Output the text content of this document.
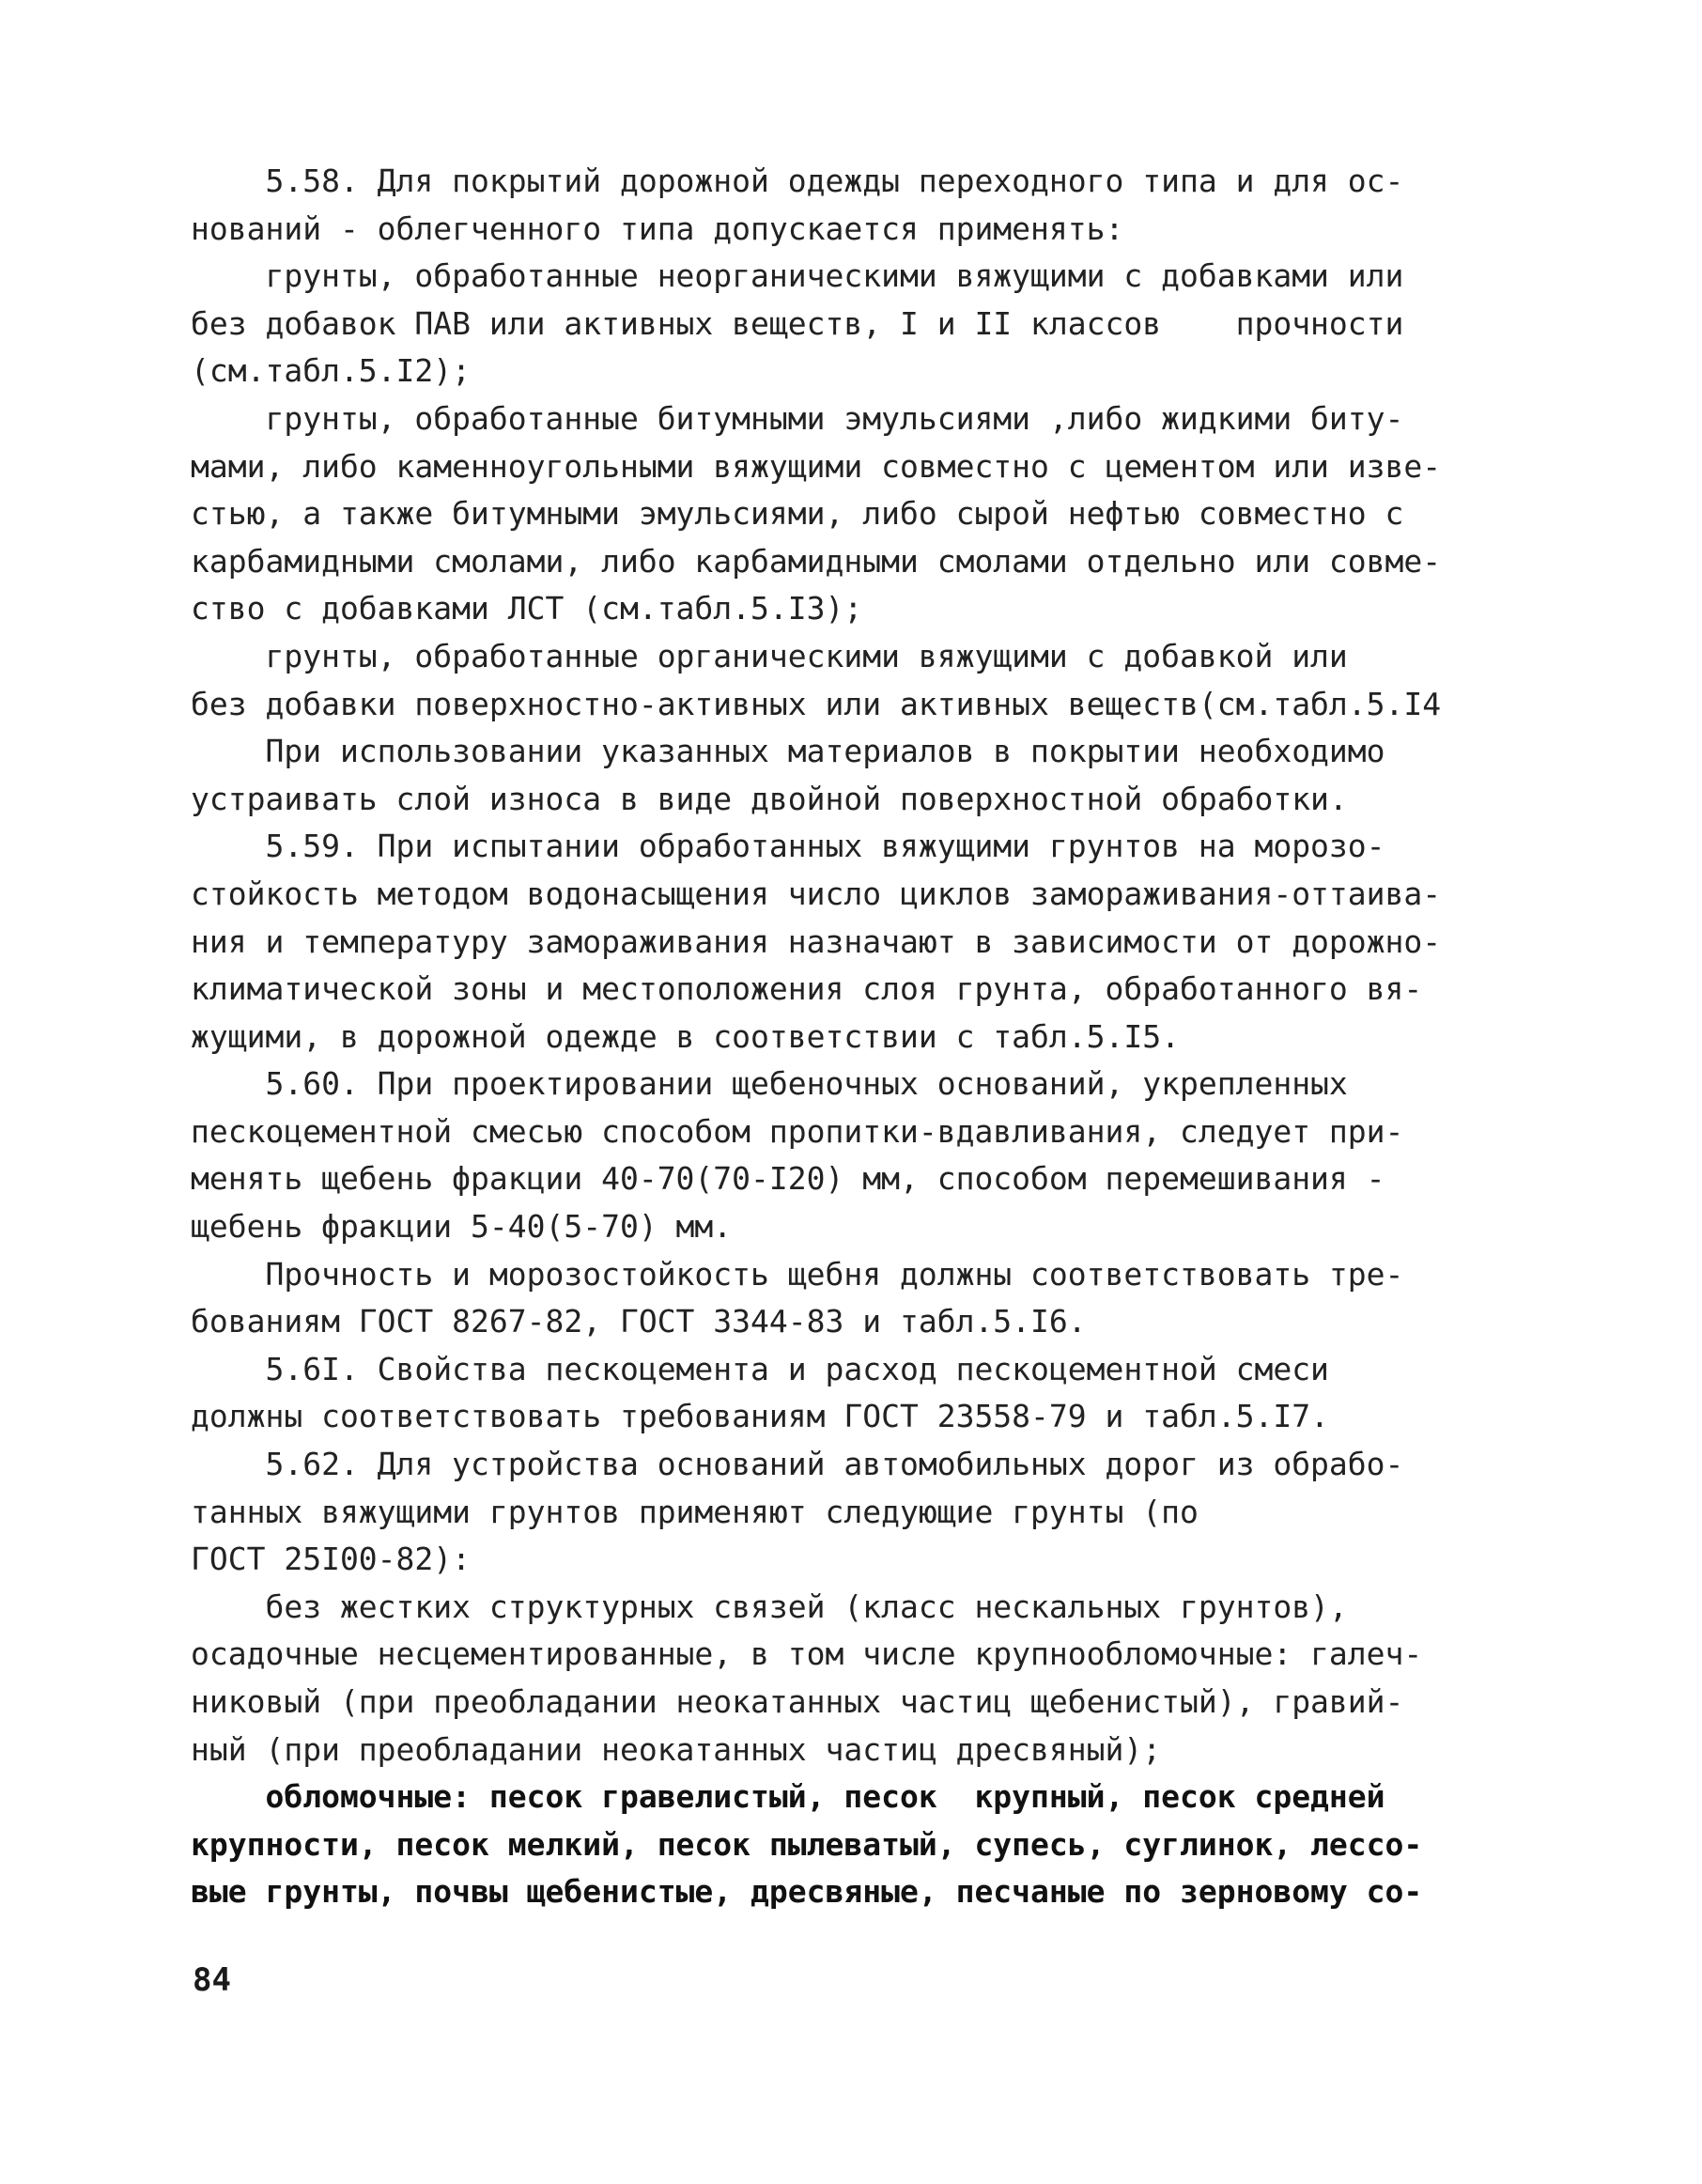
5.58. Для покрытий дорожной одежды переходного типа и для ос-
нований - облегченного типа допускается применять:
грунты, обработанные неорганическими вяжущими с добавками или
без добавок ПАВ или активных веществ, I и II классов    прочности
(см.табл.5.I2);
грунты, обработанные битумными эмульсиями ,либо жидкими биту-
мами, либо каменноугольными вяжущими совместно с цементом или изве-
стью, а также битумными эмульсиями, либо сырой нефтью совместно с
карбамидными смолами, либо карбамидными смолами отдельно или совме-
ство с добавками ЛСТ (см.табл.5.I3);
грунты, обработанные органическими вяжущими с добавкой или
без добавки поверхностно-активных или активных веществ(см.табл.5.I4
При использовании указанных материалов в покрытии необходимо
устраивать слой износа в виде двойной поверхностной обработки.
5.59. При испытании обработанных вяжущими грунтов на морозо-
стойкость методом водонасыщения число циклов замораживания-оттаива-
ния и температуру замораживания назначают в зависимости от дорожно-
климатической зоны и местоположения слоя грунта, обработанного вя-
жущими, в дорожной одежде в соответствии с табл.5.I5.
5.60. При проектировании щебеночных оснований, укрепленных
пескоцементной смесью способом пропитки-вдавливания, следует при-
менять щебень фракции 40-70(70-I20) мм, способом перемешивания -
щебень фракции 5-40(5-70) мм.
Прочность и морозостойкость щебня должны соответствовать тре-
бованиям ГОСТ 8267-82, ГОСТ 3344-83 и табл.5.I6.
5.6I. Свойства пескоцемента и расход пескоцементной смеси
должны соответствовать требованиям ГОСТ 23558-79 и табл.5.I7.
5.62. Для устройства оснований автомобильных дорог из обрабо-
танных вяжущими грунтов применяют следующие грунты (по
ГОСТ 25I00-82):
без жестких структурных связей (класс нескальных грунтов),
осадочные несцементированные, в том числе крупнообломочные: галеч-
никовый (при преобладании неокатанных частиц щебенистый), гравий-
ный (при преобладании неокатанных частиц дресвяный);
обломочные: песок гравелистый, песок  крупный, песок средней
крупности, песок мелкий, песок пылеватый, супесь, суглинок, лессо-
вые грунты, почвы щебенистые, дресвяные, песчаные по зерновому со-
84
